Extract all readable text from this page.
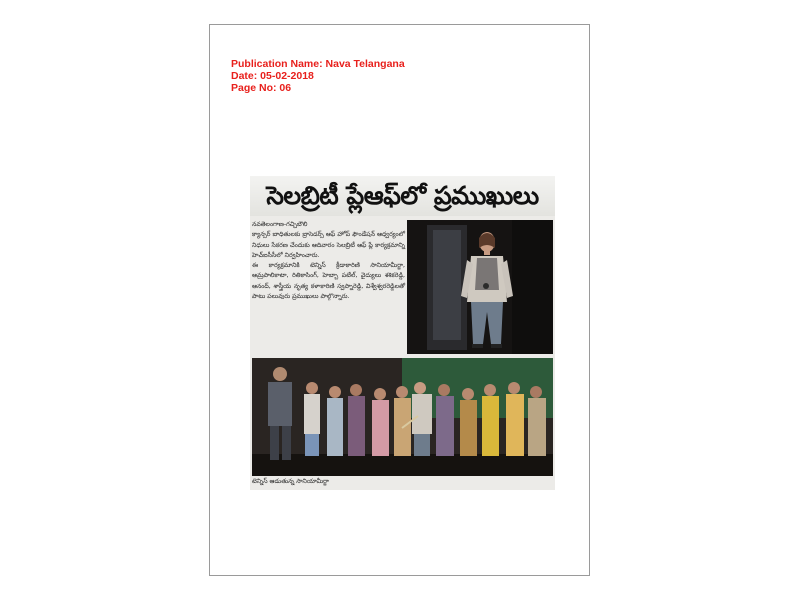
Publication Name: Nava Telangana
Date: 05-02-2018
Page No: 06
సెలబ్రిటీ ప్లేఆఫ్‌లో ప్రముఖులు

నవతెలంగాణ-గచ్చిబౌలి

క్యాన్సర్ బాధితులకు బ్రాసెడర్స్ ఆఫ్ హోప్ ఫౌండేషన్ ఆధ్వర్యంలో నిధులు సేకరణ చేందుకు ఆదివారం సెలబ్రిటీ ఆఫ్ ప్లే కార్యక్రమాన్ని హెచ్ఐసీసీలో నిర్వహించారు.

ఈ కార్యక్రమానికి టెన్నిస్ క్రీడాకారిణి సానియామీర్జా, ఆమ్రపాలికాటా, రితికాసింగ్, హెబ్బా పటేల్, వైద్యులు శశికరెడ్డి, ఆనంద్, శాస్త్రీయ నృత్య కళాకారిణి స్వప్నారెడ్డి, విశ్వేశ్వరరెడ్డిలతో పాటు పలువురు ప్రముఖులు పాల్గొన్నారు.

టెన్నిస్ ఆడుతున్న సానియామీర్జా
